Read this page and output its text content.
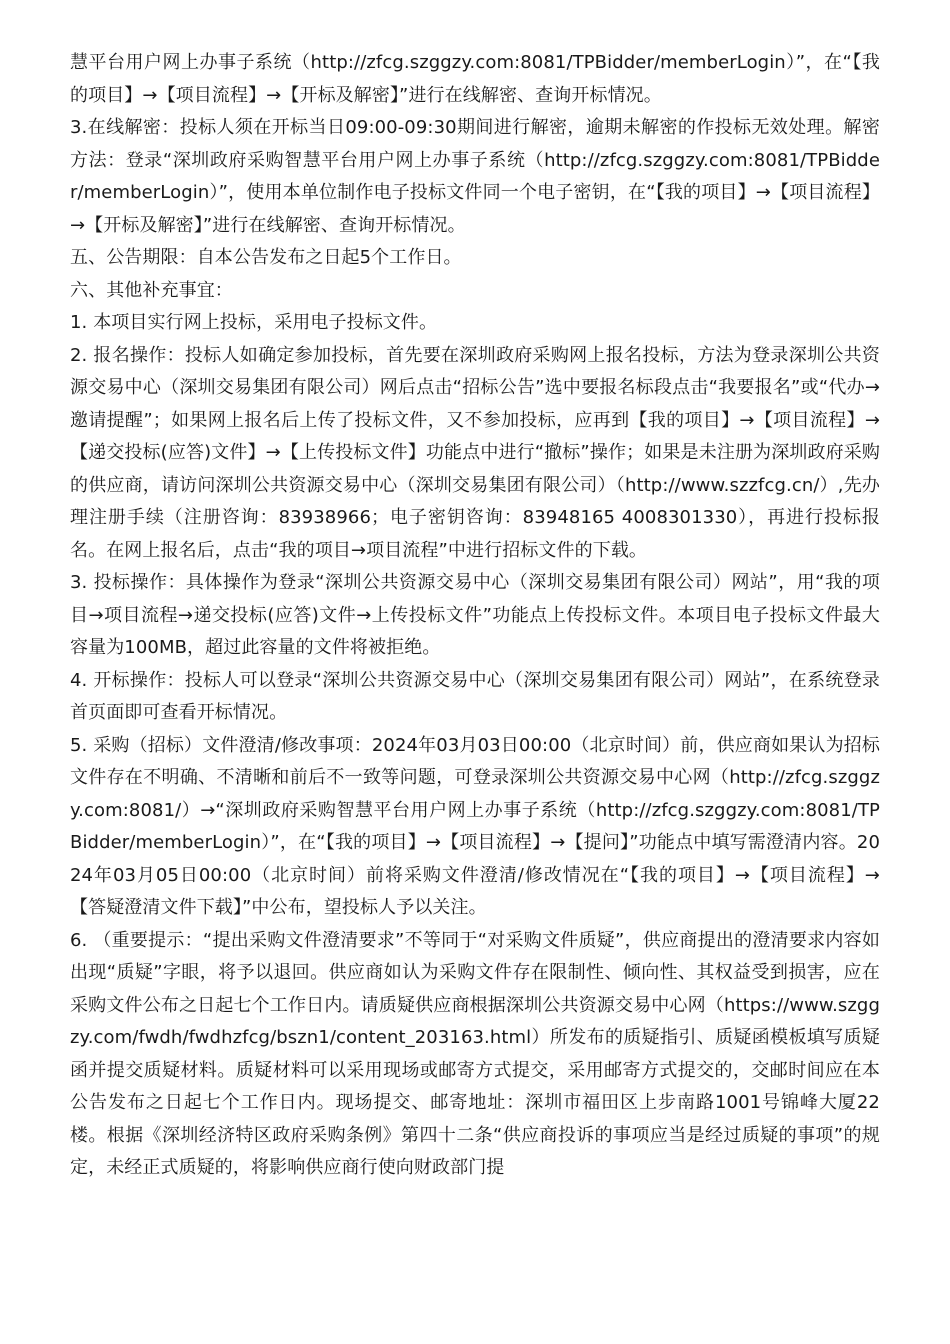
慧平台用户网上办事子系统（http://zfcg.szggzy.com:8081/TPBidder/memberLogin）”，在“【我的项目】→【项目流程】→【开标及解密】”进行在线解密、查询开标情况。

3.在线解密：投标人须在开标当日09:00-09:30期间进行解密，逾期未解密的作投标无效处理。解密方法：登录“深圳政府采购智慧平台用户网上办事子系统（http://zfcg.szggzy.com:8081/TPBidder/memberLogin）”，使用本单位制作电子投标文件同一个电子密钥，在“【我的项目】→【项目流程】→【开标及解密】”进行在线解密、查询开标情况。

五、公告期限：自本公告发布之日起5个工作日。

六、其他补充事宜：

1. 本项目实行网上投标，采用电子投标文件。

2. 报名操作：投标人如确定参加投标，首先要在深圳政府采购网上报名投标，方法为登录深圳公共资源交易中心（深圳交易集团有限公司）网后点击“招标公告”选中要报名标段点击“我要报名”或“代办→邀请提醒”；如果网上报名后上传了投标文件，又不参加投标，应再到【我的项目】→【项目流程】→【递交投标(应答)文件】→【上传投标文件】功能点中进行“撤标”操作；如果是未注册为深圳政府采购的供应商，请访问深圳公共资源交易中心（深圳交易集团有限公司）（http://www.szzfcg.cn/）,先办理注册手续（注册咨询：83938966；电子密钥咨询：83948165 4008301330），再进行投标报名。在网上报名后，点击“我的项目→项目流程”中进行招标文件的下载。

3. 投标操作：具体操作为登录“深圳公共资源交易中心（深圳交易集团有限公司）网站”，用“我的项目→项目流程→递交投标(应答)文件→上传投标文件”功能点上传投标文件。本项目电子投标文件最大容量为100MB，超过此容量的文件将被拒绝。

4. 开标操作：投标人可以登录“深圳公共资源交易中心（深圳交易集团有限公司）网站”，在系统登录首页面即可查看开标情况。

5. 采购（招标）文件澄清/修改事项：2024年03月03日00:00（北京时间）前，供应商如果认为招标文件存在不明确、不清晰和前后不一致等问题，可登录深圳公共资源交易中心网（http://zfcg.szggzy.com:8081/）→“深圳政府采购智慧平台用户网上办事子系统（http://zfcg.szggzy.com:8081/TPBidder/memberLogin）”，在“【我的项目】→【项目流程】→【提问】”功能点中填写需澄清内容。2024年03月05日00:00（北京时间）前将采购文件澄清/修改情况在“【我的项目】→【项目流程】→【答疑澄清文件下载】”中公布，望投标人予以关注。

6. （重要提示：“提出采购文件澄清要求”不等同于“对采购文件质疑”，供应商提出的澄清要求内容如出现“质疑”字眼，将予以退回。供应商如认为采购文件存在限制性、倾向性、其权益受到损害，应在采购文件公布之日起七个工作日内。请质疑供应商根据深圳公共资源交易中心网（https://www.szggzy.com/fwdh/fwdhzfcg/bszn1/content_203163.html）所发布的质疑指引、质疑函模板填写质疑函并提交质疑材料。质疑材料可以采用现场或邮寄方式提交，采用邮寄方式提交的，交邮时间应在本公告发布之日起七个工作日内。现场提交、邮寄地址：深圳市福田区上步南路1001号锦峰大厦22楼。根据《深圳经济特区政府采购条例》第四十二条“供应商投诉的事项应当是经过质疑的事项”的规定，未经正式质疑的，将影响供应商行使向财政部门提
